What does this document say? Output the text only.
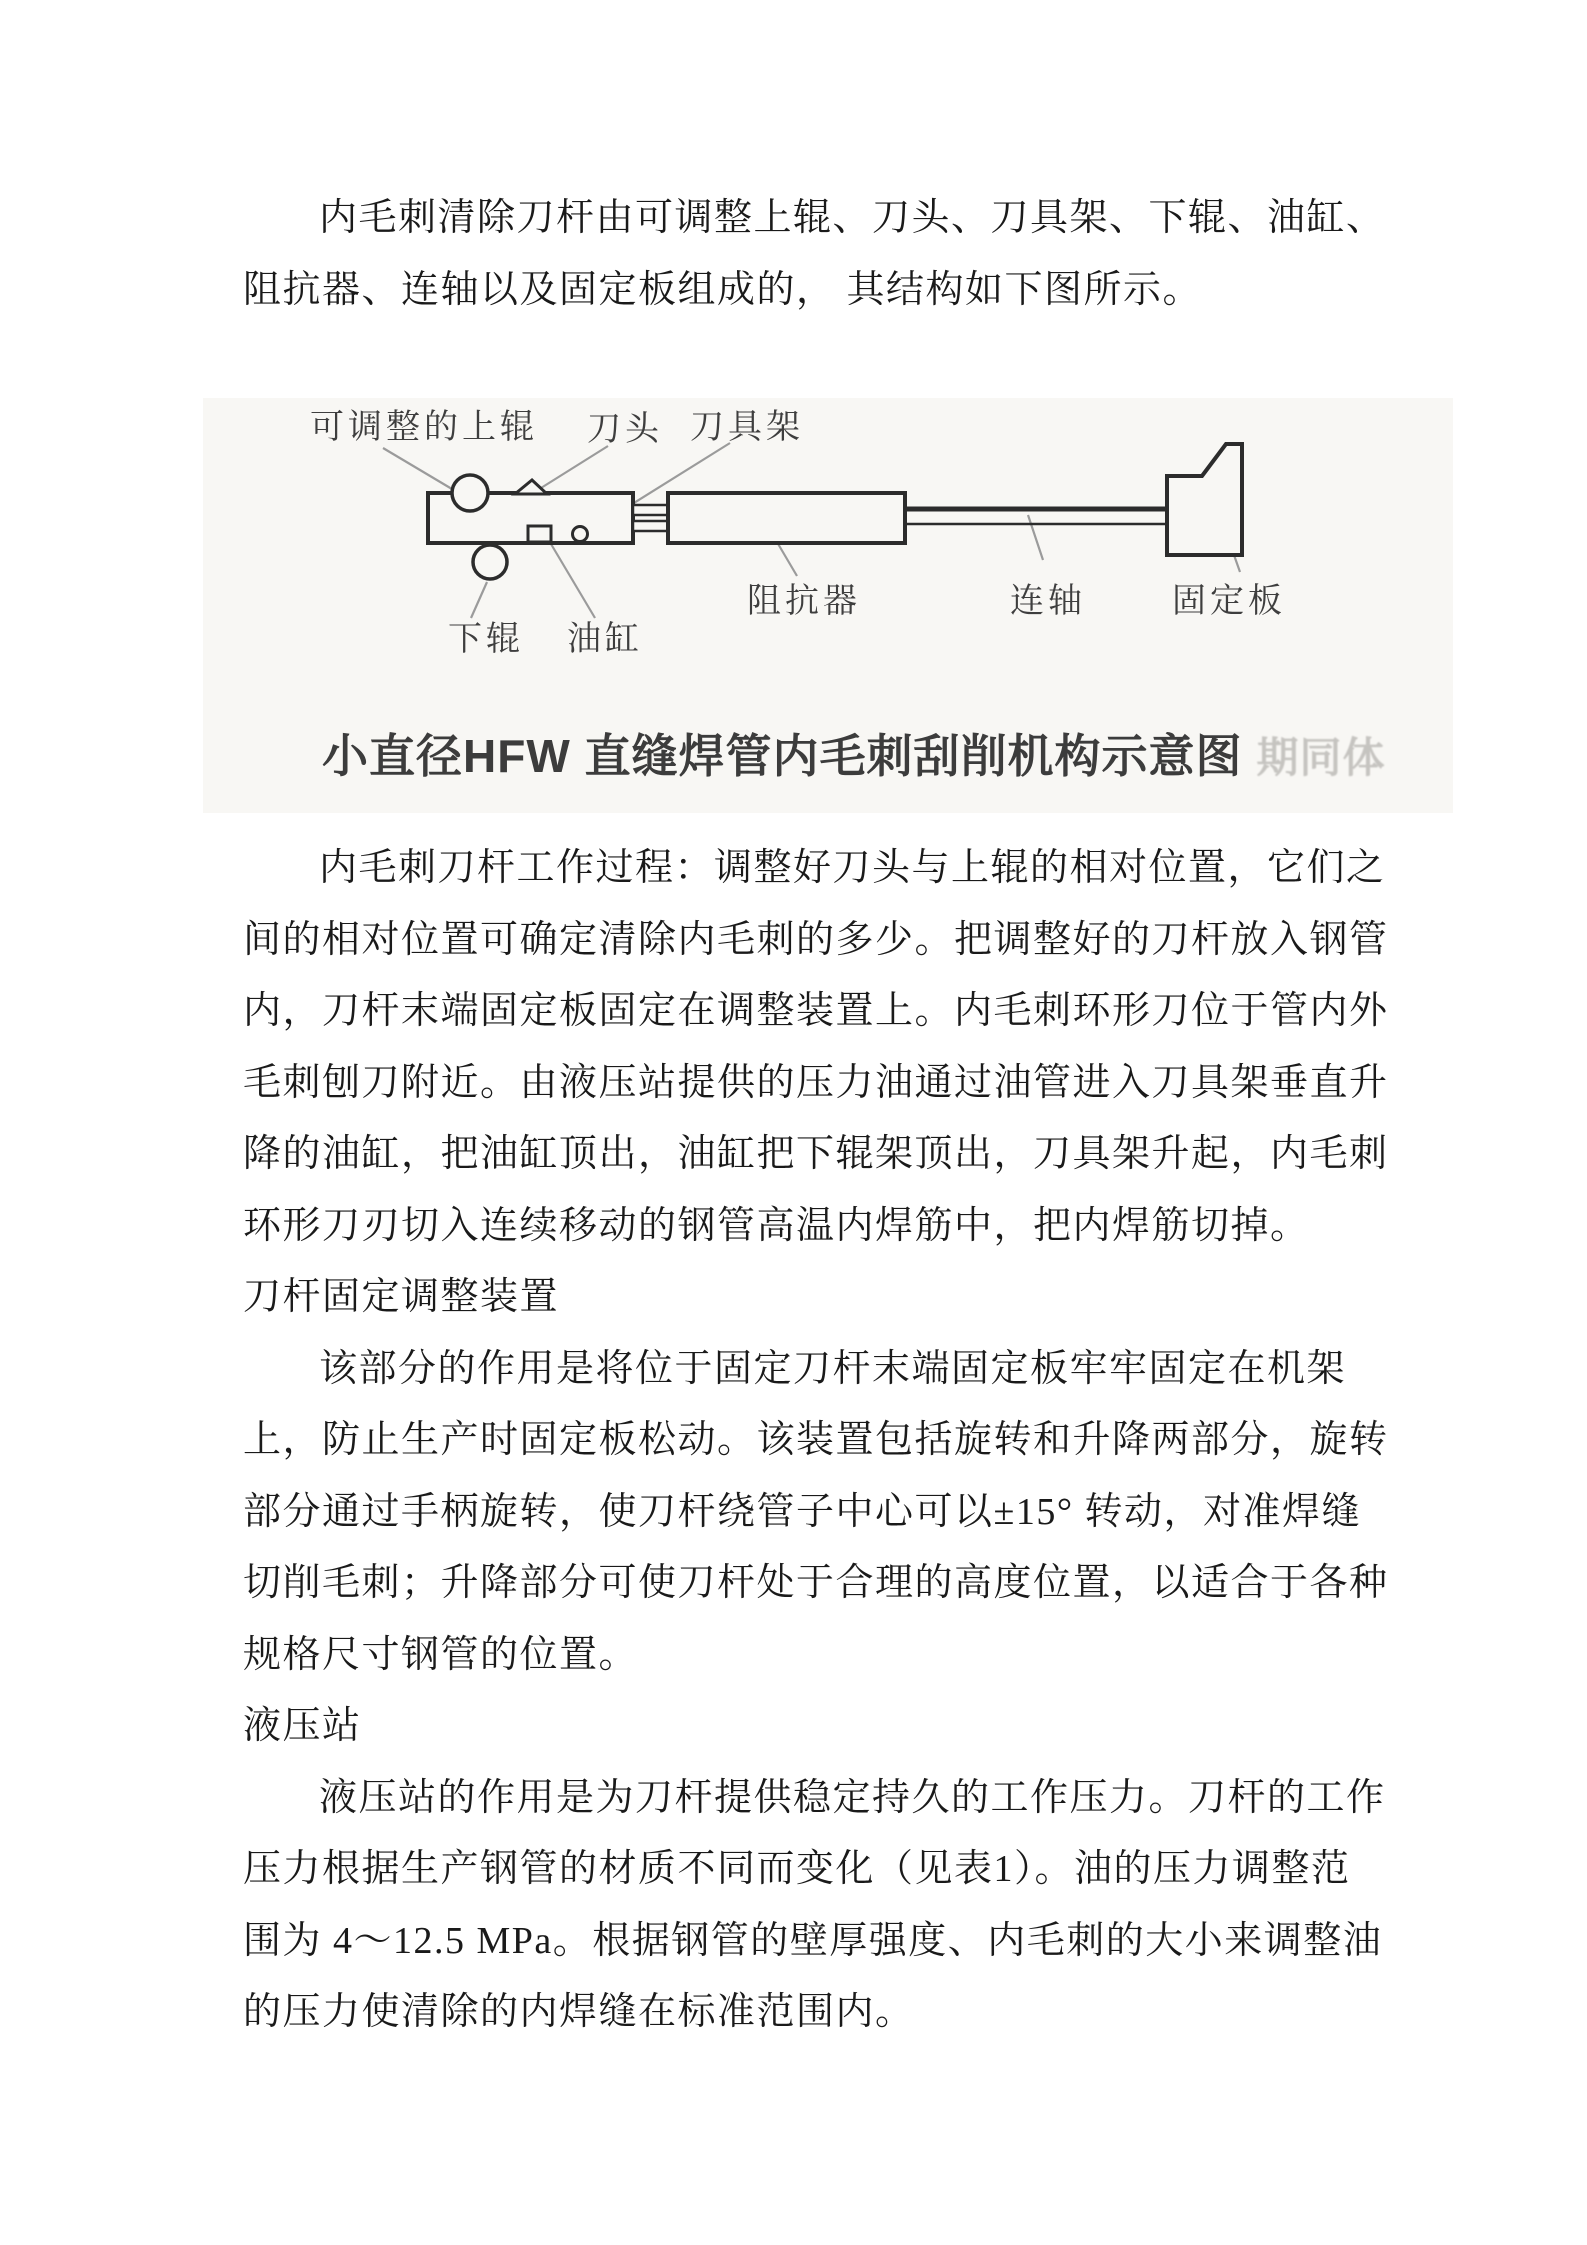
内毛刺清除刀杆由可调整上辊、刀头、刀具架、下辊、油缸、
阻抗器、连轴以及固定板组成的， 其结构如下图所示。
可调整的上辊 刀头 刀具架
下辊 油缸
阻抗器	连轴	固定板
小直径HFW 直缝焊管内毛刺刮削机构示意图 期同体
内毛刺刀杆工作过程：调整好刀头与上辊的相对位置，它们之
间的相对位置可确定清除内毛刺的多少。把调整好的刀杆放入钢管
内，刀杆末端固定板固定在调整装置上。内毛刺环形刀位于管内外
毛刺刨刀附近。由液压站提供的压力油通过油管进入刀具架垂直升
降的油缸，把油缸顶出，油缸把下辊架顶出，刀具架升起，内毛刺
环形刀刃切入连续移动的钢管高温内焊筋中，把内焊筋切掉。
刀杆固定调整装置
该部分的作用是将位于固定刀杆末端固定板牢牢固定在机架
上，防止生产时固定板松动。该装置包括旋转和升降两部分，旋转
部分通过手柄旋转，使刀杆绕管子中心可以±15° 转动，对准焊缝
切削毛刺；升降部分可使刀杆处于合理的高度位置，以适合于各种
规格尺寸钢管的位置。
液压站
液压站的作用是为刀杆提供稳定持久的工作压力。刀杆的工作
压力根据生产钢管的材质不同而变化（见表1）。油的压力调整范
围为 4～12.5 MPa。根据钢管的壁厚强度、内毛刺的大小来调整油
的压力使清除的内焊缝在标准范围内。
